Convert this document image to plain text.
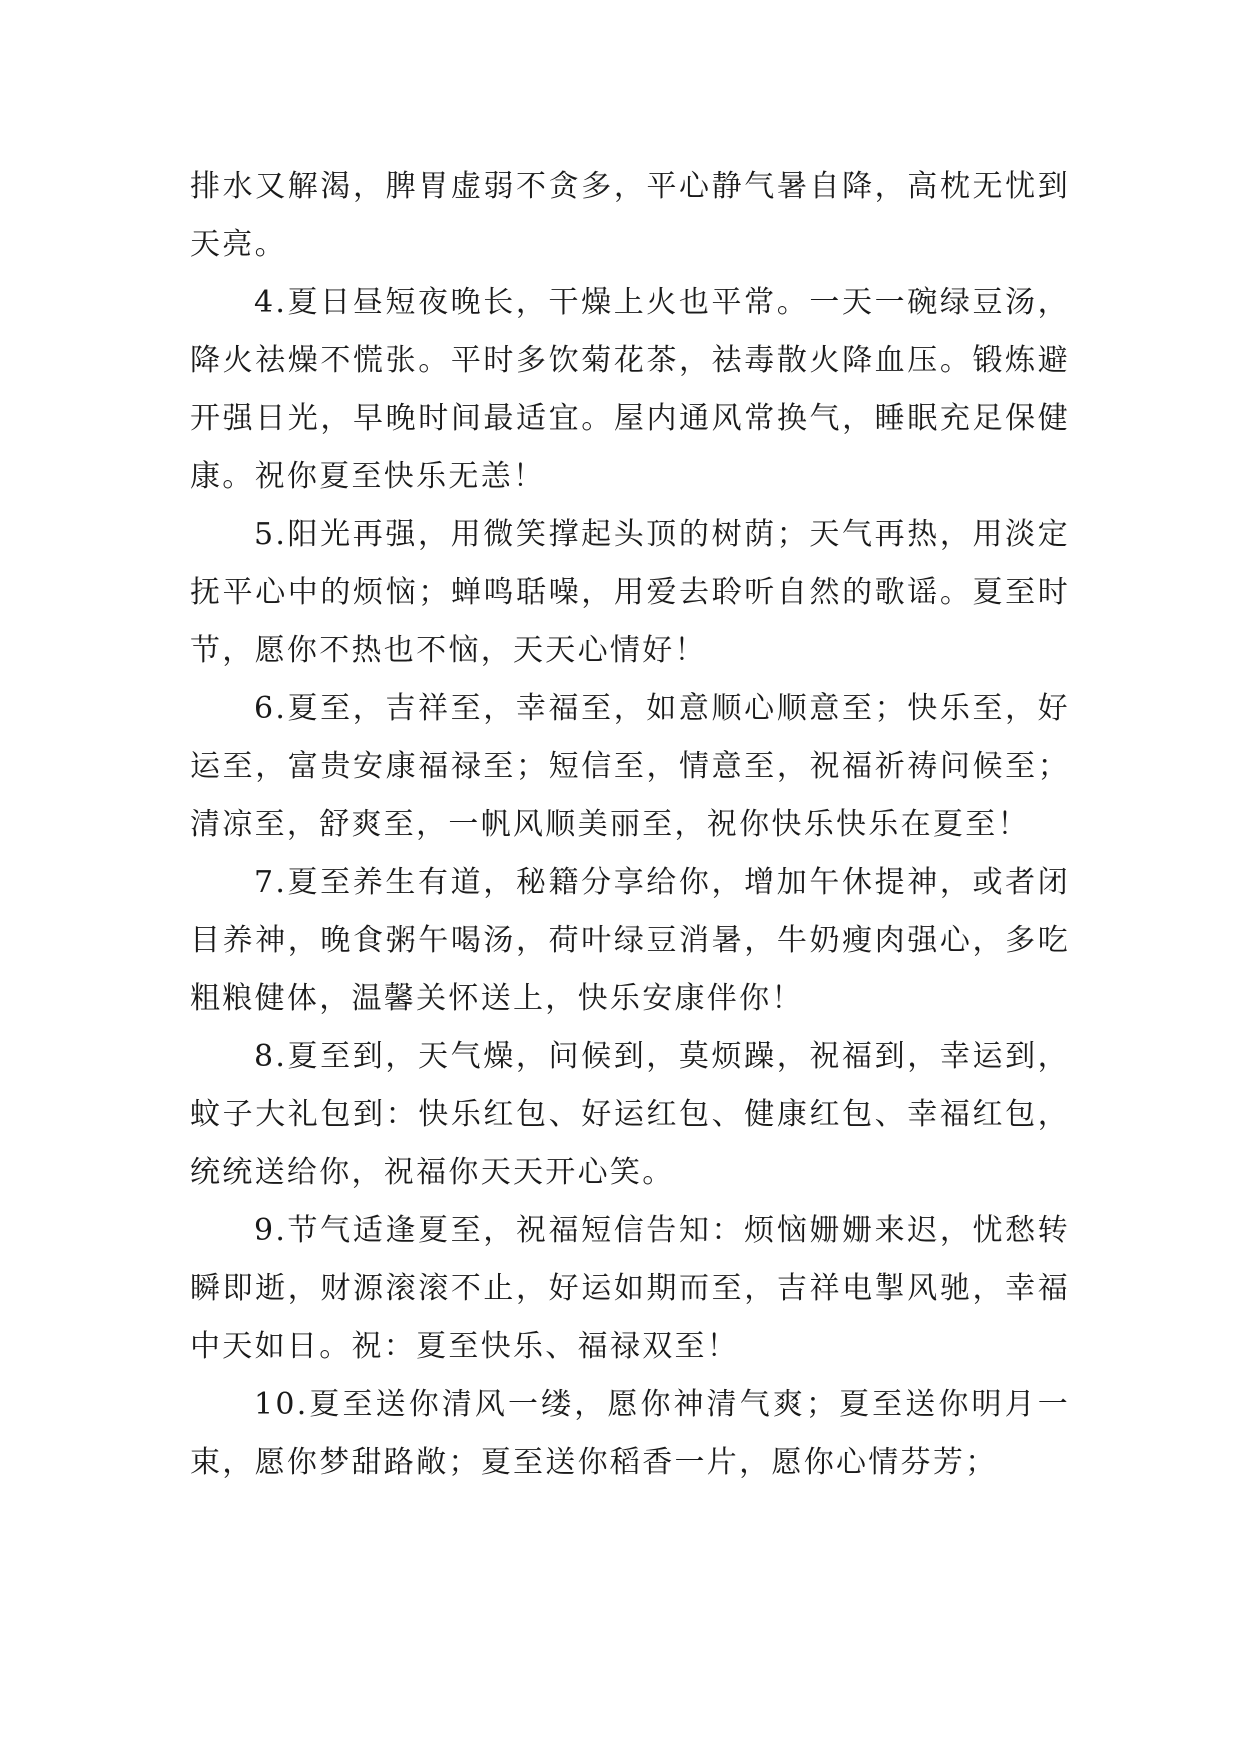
排水又解渴，脾胃虚弱不贪多，平心静气暑自降，高枕无忧到天亮。

4.夏日昼短夜晚长，干燥上火也平常。一天一碗绿豆汤，降火祛燥不慌张。平时多饮菊花茶，祛毒散火降血压。锻炼避开强日光，早晚时间最适宜。屋内通风常换气，睡眠充足保健康。祝你夏至快乐无恙！

5.阳光再强，用微笑撑起头顶的树荫；天气再热，用淡定抚平心中的烦恼；蝉鸣聒噪，用爱去聆听自然的歌谣。夏至时节，愿你不热也不恼，天天心情好！

6.夏至，吉祥至，幸福至，如意顺心顺意至；快乐至，好运至，富贵安康福禄至；短信至，情意至，祝福祈祷问候至；清凉至，舒爽至，一帆风顺美丽至，祝你快乐快乐在夏至！

7.夏至养生有道，秘籍分享给你，增加午休提神，或者闭目养神，晚食粥午喝汤，荷叶绿豆消暑，牛奶瘦肉强心，多吃粗粮健体，温馨关怀送上，快乐安康伴你！

8.夏至到，天气燥，问候到，莫烦躁，祝福到，幸运到，蚊子大礼包到：快乐红包、好运红包、健康红包、幸福红包，统统送给你，祝福你天天开心笑。

9.节气适逢夏至，祝福短信告知：烦恼姗姗来迟，忧愁转瞬即逝，财源滚滚不止，好运如期而至，吉祥电掣风驰，幸福中天如日。祝：夏至快乐、福禄双至！

10.夏至送你清风一缕，愿你神清气爽；夏至送你明月一束，愿你梦甜路敞；夏至送你稻香一片，愿你心情芬芳；
